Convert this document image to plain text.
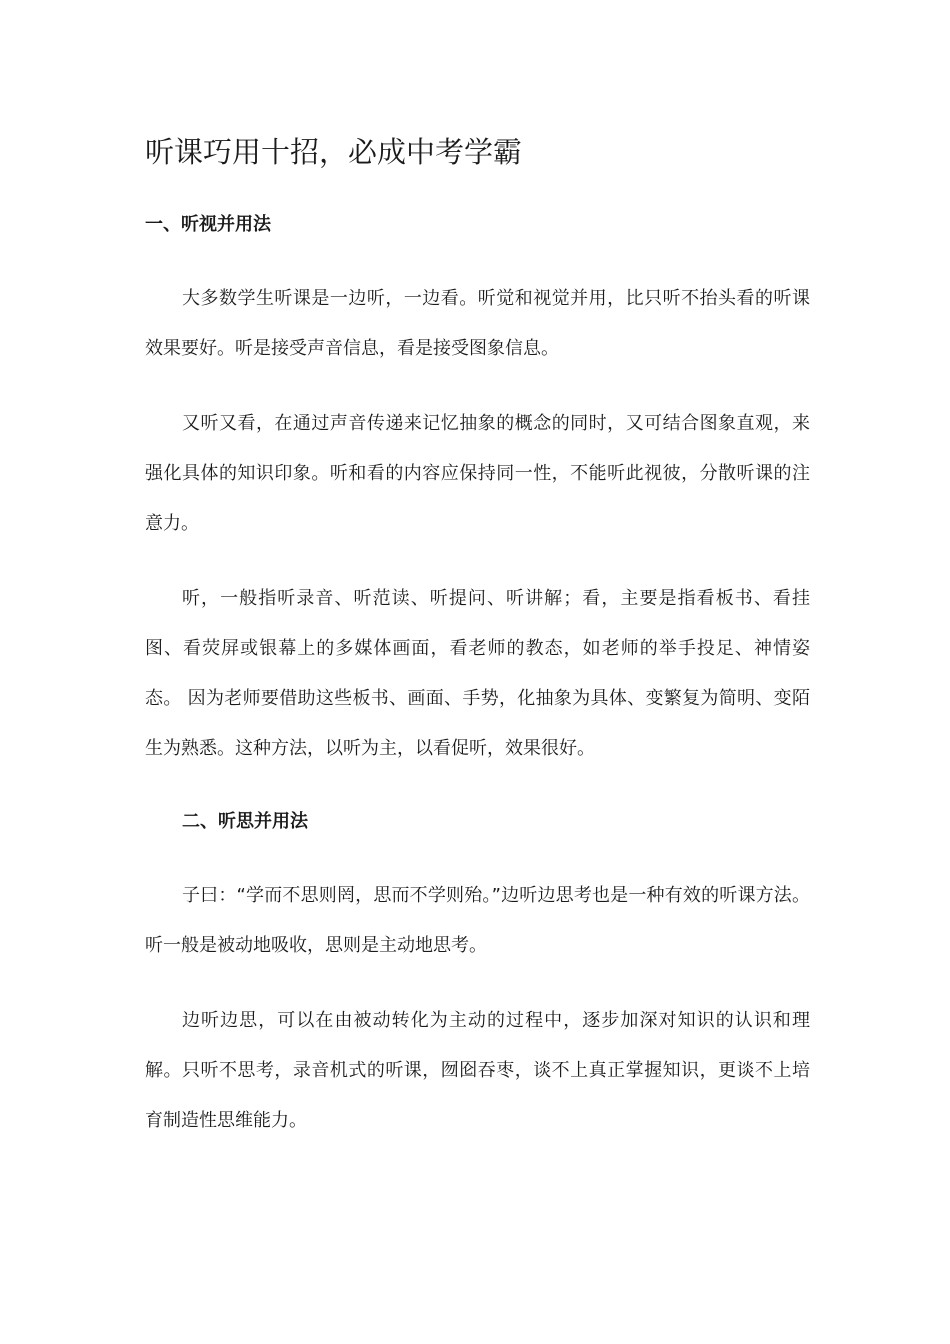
听课巧用十招，必成中考学霸
一、听视并用法

大多数学生听课是一边听，一边看。听觉和视觉并用，比只听不抬头看的听课效果要好。听是接受声音信息，看是接受图象信息。

又听又看，在通过声音传递来记忆抽象的概念的同时，又可结合图象直观，来强化具体的知识印象。听和看的内容应保持同一性，不能听此视彼，分散听课的注意力。

听，一般指听录音、听范读、听提问、听讲解；看，主要是指看板书、看挂图、看荧屏或银幕上的多媒体画面，看老师的教态，如老师的举手投足、神情姿态。 因为老师要借助这些板书、画面、手势，化抽象为具体、变繁复为简明、变陌生为熟悉。这种方法，以听为主，以看促听，效果很好。

二、听思并用法

子曰：“学而不思则罔，思而不学则殆。”边听边思考也是一种有效的听课方法。听一般是被动地吸收，思则是主动地思考。

边听边思，可以在由被动转化为主动的过程中，逐步加深对知识的认识和理解。只听不思考，录音机式的听课，囫囵吞枣，谈不上真正掌握知识，更谈不上培育制造性思维能力。
